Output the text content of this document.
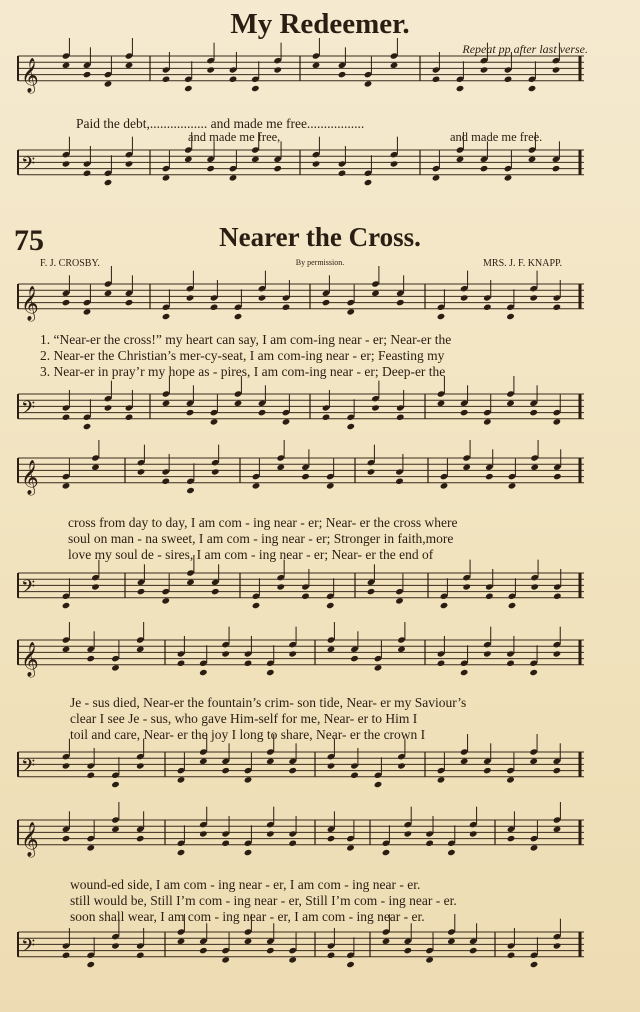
𝄞
𝄢
𝄞
𝄢
𝄞
𝄢
𝄞
𝄢
𝄞
𝄢
My Redeemer.
Repeat pp after last verse.
Paid the debt,................. and made me free.................
and made me free,	and made me free.
75	Nearer the Cross.
F. J. CROSBY.	By permission.	MRS. J. F. KNAPP.
1. “Near-er the cross!” my heart can say, I am com-ing near - er; Near-er the
2. Near-er the Christian’s mer-cy-seat, I am com-ing near - er; Feasting my
3. Near-er in pray’r my hope as - pires, I am com-ing near - er; Deep-er the
cross from day to day, I am com - ing near - er; Near- er the cross where
soul on man - na sweet, I am com - ing near - er; Stronger in faith,more
love my soul de - sires, I am com - ing near - er; Near- er the end of
Je - sus died, Near-er the fountain’s crim- son tide, Near- er my Saviour’s
clear I see Je - sus, who gave Him-self for me, Near- er to Him I
toil and care, Near- er the joy I long to share, Near- er the crown I
wound-ed side, I am com - ing near - er, I am com - ing near - er.
still would be, Still I’m com - ing near - er, Still I’m com - ing near - er.
soon shall wear, I am com - ing near - er, I am com - ing near - er.
